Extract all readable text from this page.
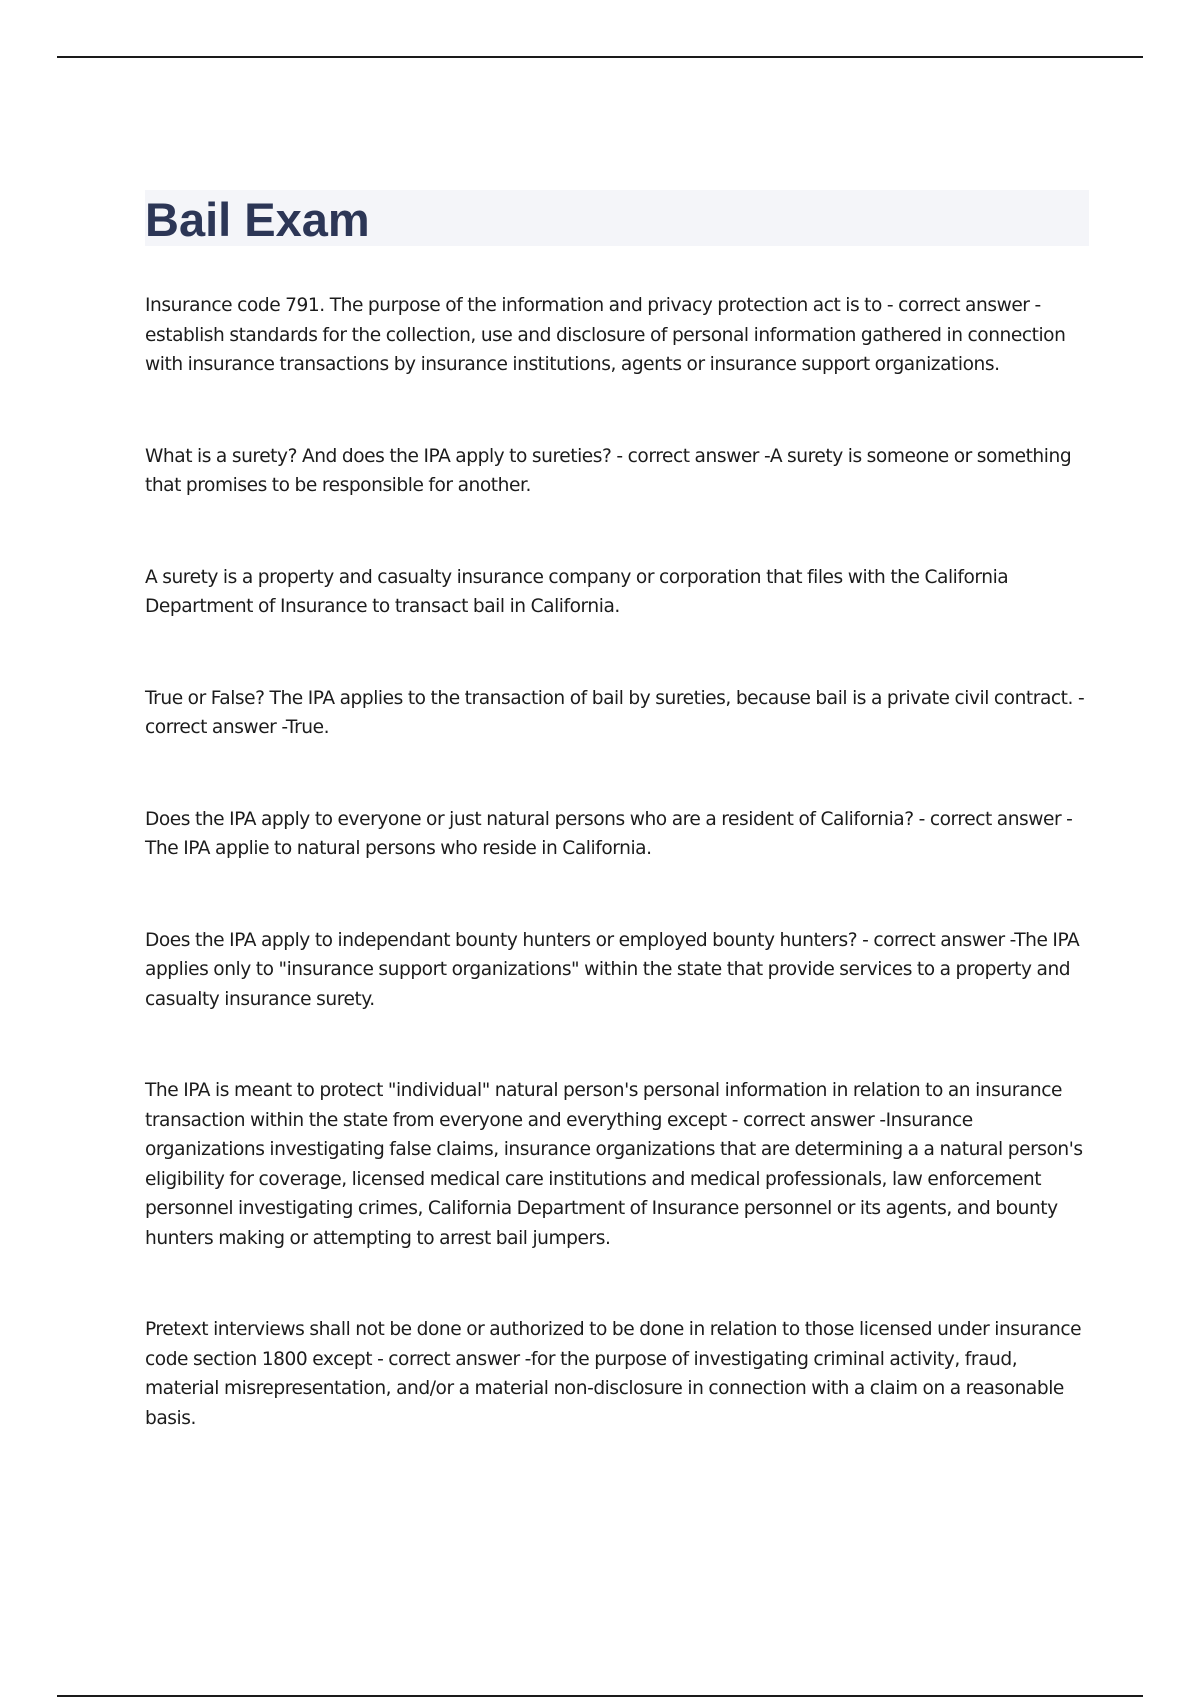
Bail Exam

Insurance code 791. The purpose of the information and privacy protection act is to - correct answer -establish standards for the collection, use and disclosure of personal information gathered in connection with insurance transactions by insurance institutions, agents or insurance support organizations.

What is a surety? And does the IPA apply to sureties? - correct answer -A surety is someone or something that promises to be responsible for another.

A surety is a property and casualty insurance company or corporation that files with the California Department of Insurance to transact bail in California.

True or False? The IPA applies to the transaction of bail by sureties, because bail is a private civil contract. - correct answer -True.

Does the IPA apply to everyone or just natural persons who are a resident of California? - correct answer -The IPA applie to natural persons who reside in California.

Does the IPA apply to independant bounty hunters or employed bounty hunters? - correct answer -The IPA applies only to "insurance support organizations" within the state that provide services to a property and casualty insurance surety.

The IPA is meant to protect "individual" natural person's personal information in relation to an insurance transaction within the state from everyone and everything except - correct answer -Insurance organizations investigating false claims, insurance organizations that are determining a a natural person's eligibility for coverage, licensed medical care institutions and medical professionals, law enforcement personnel investigating crimes, California Department of Insurance personnel or its agents, and bounty hunters making or attempting to arrest bail jumpers.

Pretext interviews shall not be done or authorized to be done in relation to those licensed under insurance code section 1800 except - correct answer -for the purpose of investigating criminal activity, fraud, material misrepresentation, and/or a material non-disclosure in connection with a claim on a reasonable basis.
